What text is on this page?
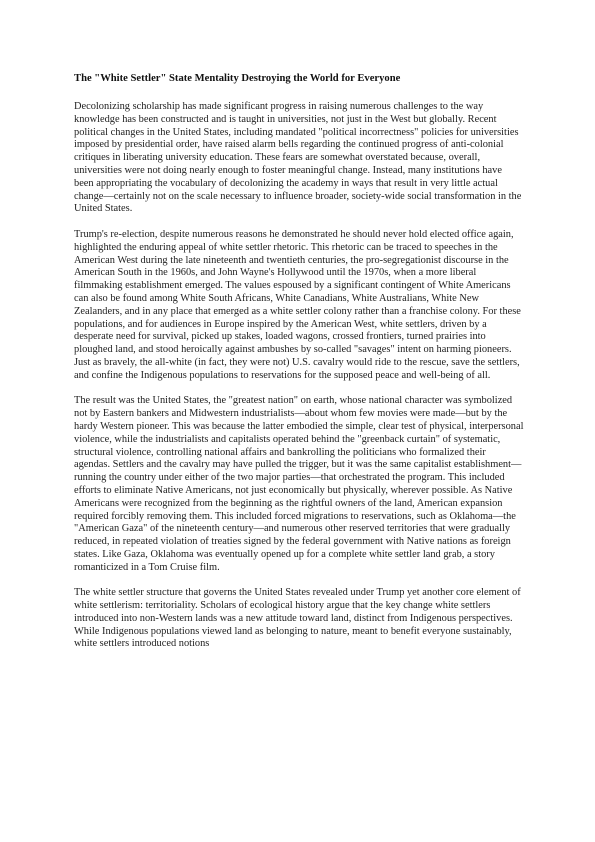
The "White Settler" State Mentality Destroying the World for Everyone

Decolonizing scholarship has made significant progress in raising numerous challenges to the way knowledge has been constructed and is taught in universities, not just in the West but globally. Recent political changes in the United States, including mandated "political incorrectness" policies for universities imposed by presidential order, have raised alarm bells regarding the continued progress of anti-colonial critiques in liberating university education. These fears are somewhat overstated because, overall, universities were not doing nearly enough to foster meaningful change. Instead, many institutions have been appropriating the vocabulary of decolonizing the academy in ways that result in very little actual change—certainly not on the scale necessary to influence broader, society-wide social transformation in the United States.

Trump's re-election, despite numerous reasons he demonstrated he should never hold elected office again, highlighted the enduring appeal of white settler rhetoric. This rhetoric can be traced to speeches in the American West during the late nineteenth and twentieth centuries, the pro-segregationist discourse in the American South in the 1960s, and John Wayne's Hollywood until the 1970s, when a more liberal filmmaking establishment emerged. The values espoused by a significant contingent of White Americans can also be found among White South Africans, White Canadians, White Australians, White New Zealanders, and in any place that emerged as a white settler colony rather than a franchise colony. For these populations, and for audiences in Europe inspired by the American West, white settlers, driven by a desperate need for survival, picked up stakes, loaded wagons, crossed frontiers, turned prairies into ploughed land, and stood heroically against ambushes by so-called "savages" intent on harming pioneers. Just as bravely, the all-white (in fact, they were not) U.S. cavalry would ride to the rescue, save the settlers, and confine the Indigenous populations to reservations for the supposed peace and well-being of all.

The result was the United States, the "greatest nation" on earth, whose national character was symbolized not by Eastern bankers and Midwestern industrialists—about whom few movies were made—but by the hardy Western pioneer. This was because the latter embodied the simple, clear test of physical, interpersonal violence, while the industrialists and capitalists operated behind the "greenback curtain" of systematic, structural violence, controlling national affairs and bankrolling the politicians who formalized their agendas. Settlers and the cavalry may have pulled the trigger, but it was the same capitalist establishment—running the country under either of the two major parties—that orchestrated the program. This included efforts to eliminate Native Americans, not just economically but physically, wherever possible. As Native Americans were recognized from the beginning as the rightful owners of the land, American expansion required forcibly removing them. This included forced migrations to reservations, such as Oklahoma—the "American Gaza" of the nineteenth century—and numerous other reserved territories that were gradually reduced, in repeated violation of treaties signed by the federal government with Native nations as foreign states. Like Gaza, Oklahoma was eventually opened up for a complete white settler land grab, a story romanticized in a Tom Cruise film.

The white settler structure that governs the United States revealed under Trump yet another core element of white settlerism: territoriality. Scholars of ecological history argue that the key change white settlers introduced into non-Western lands was a new attitude toward land, distinct from Indigenous perspectives. While Indigenous populations viewed land as belonging to nature, meant to benefit everyone sustainably, white settlers introduced notions
